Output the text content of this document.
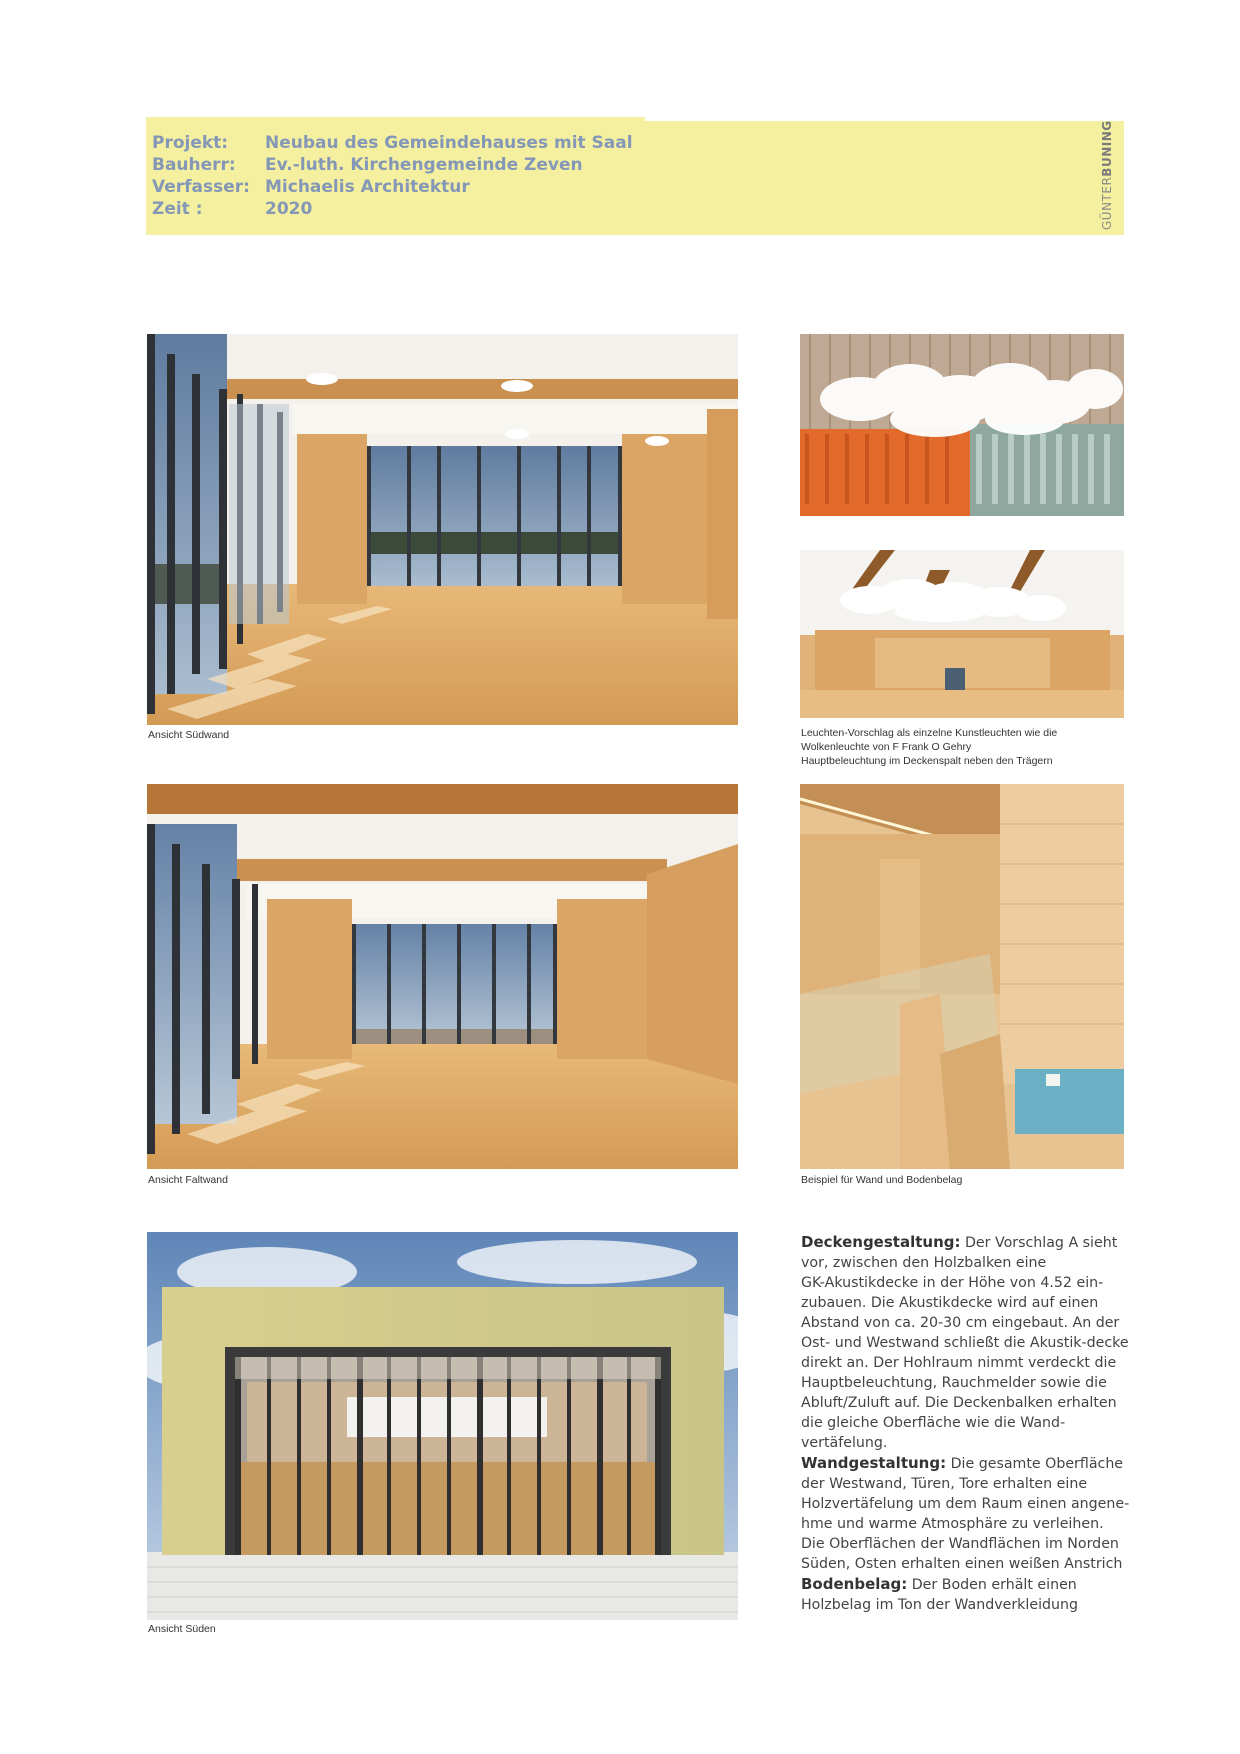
Projekt: Neubau des Gemeindehauses mit Saal
Bauherr: Ev.-luth. Kirchengemeinde Zeven
Verfasser: Michaelis Architektur
Zeit :	2020	GÜNTERBUNING
Ansicht Südwand	Leuchten-Vorschlag als einzelne Kunstleuchten wie die
Wolkenleuchte von F Frank O Gehry
Hauptbeleuchtung im Deckenspalt neben den Trägern
Ansicht Faltwand	Beispiel für Wand und Bodenbelag
Ansicht Süden

Deckengestaltung: Der Vorschlag A sieht
vor, zwischen den Holzbalken eine
GK-Akustikdecke in der Höhe von 4.52 ein-
zubauen. Die Akustikdecke wird auf einen
Abstand von ca. 20-30 cm eingebaut. An der
Ost- und Westwand schließt die Akustik-decke
direkt an. Der Hohlraum nimmt verdeckt die
Hauptbeleuchtung, Rauchmelder sowie die
Abluft/Zuluft auf. Die Deckenbalken erhalten
die gleiche Oberfläche wie die Wand-
vertäfelung.

Wandgestaltung: Die gesamte Oberfläche
der Westwand, Türen, Tore erhalten eine
Holzvertäfelung um dem Raum einen angene-
hme und warme Atmosphäre zu verleihen.
Die Oberflächen der Wandflächen im Norden
Süden, Osten erhalten einen weißen Anstrich

Bodenbelag: Der Boden erhält einen
Holzbelag im Ton der Wandverkleidung
